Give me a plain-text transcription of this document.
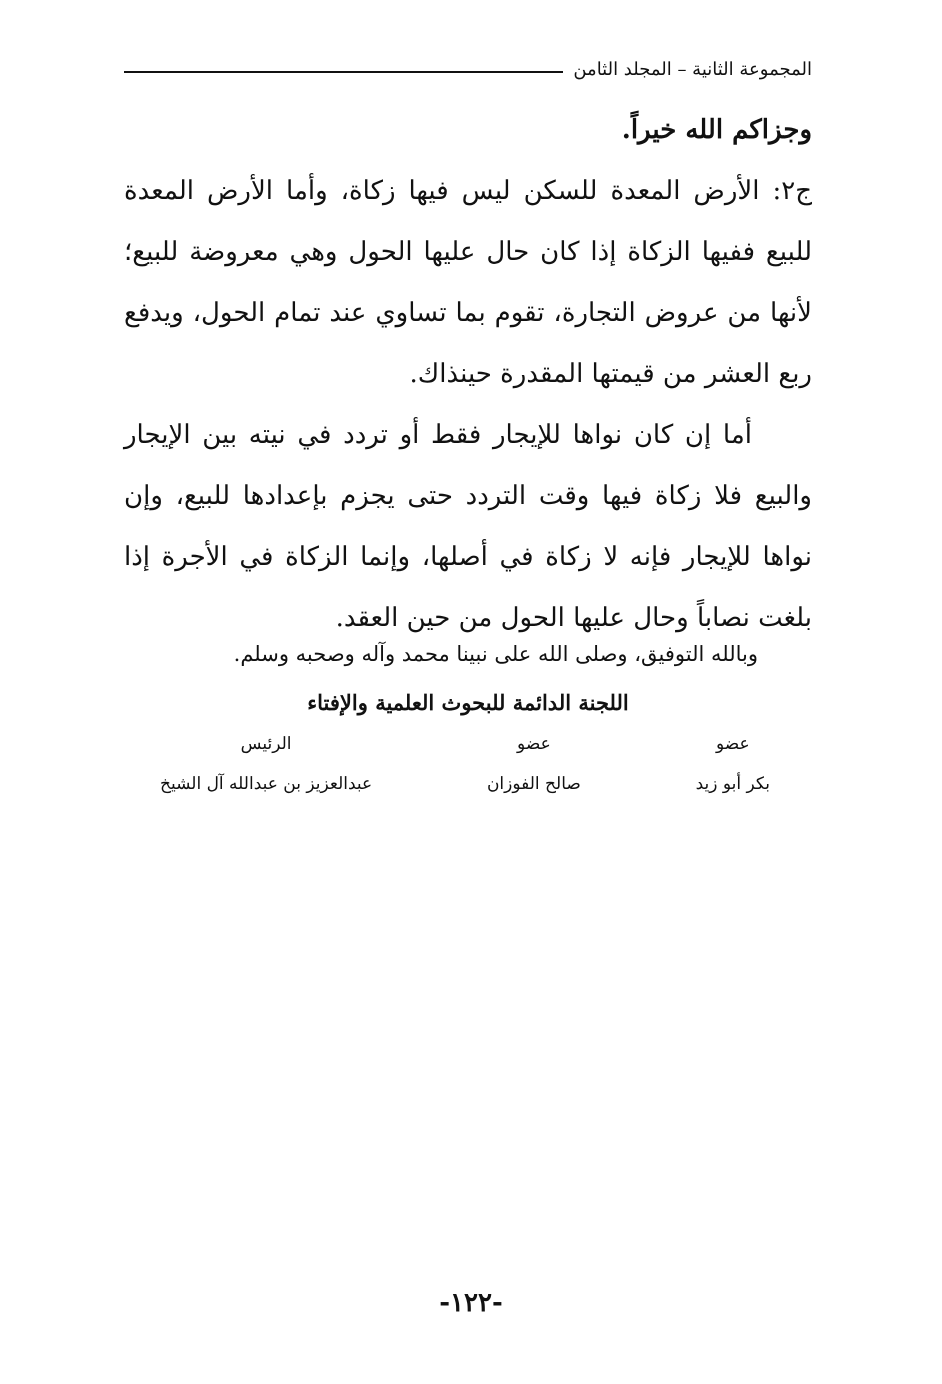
المجموعة الثانية – المجلد الثامن

وجزاكم الله خيراً.

ج٢: الأرض المعدة للسكن ليس فيها زكاة، وأما الأرض المعدة للبيع ففيها الزكاة إذا كان حال عليها الحول وهي معروضة للبيع؛ لأنها من عروض التجارة، تقوم بما تساوي عند تمام الحول، ويدفع ربع العشر من قيمتها المقدرة حينذاك.

أما إن كان نواها للإيجار فقط أو تردد في نيته بين الإيجار والبيع فلا زكاة فيها وقت التردد حتى يجزم بإعدادها للبيع، وإن نواها للإيجار فإنه لا زكاة في أصلها، وإنما الزكاة في الأجرة إذا بلغت نصاباً وحال عليها الحول من حين العقد.

وبالله التوفيق، وصلى الله على نبينا محمد وآله وصحبه وسلم.
اللجنة الدائمة للبحوث العلمية والإفتاء
عضو
بكر أبو زيد
عضو
صالح الفوزان
الرئيس
عبدالعزيز بن عبدالله آل الشيخ
-١٢٢-
